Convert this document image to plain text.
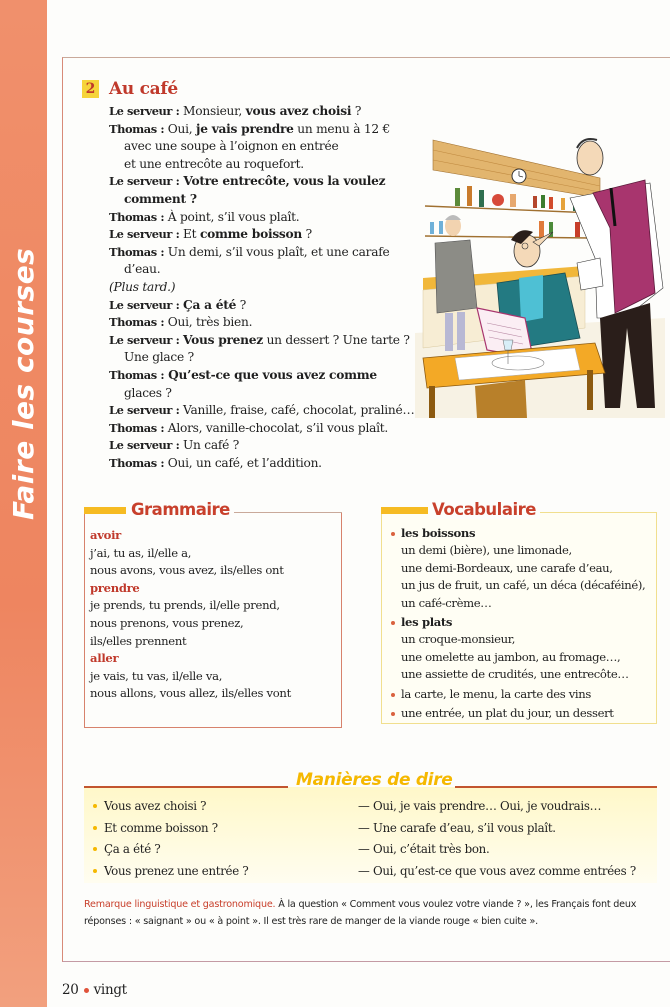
Faire les courses
2 Au café
Le serveur : Monsieur, vous avez choisi ?
Thomas : Oui, je vais prendre un menu à 12 €
avec une soupe à l’oignon en entrée
et une entrecôte au roquefort.
Le serveur : Votre entrecôte, vous la voulez
comment ?
Thomas : À point, s’il vous plaît.
Le serveur : Et comme boisson ?
Thomas : Un demi, s’il vous plaît, et une carafe
d’eau.
(Plus tard.)
Le serveur : Ça a été ?
Thomas : Oui, très bien.
Le serveur : Vous prenez un dessert ? Une tarte ?
Une glace ?
Thomas : Qu’est-ce que vous avez comme
glaces ?
Le serveur : Vanille, fraise, café, chocolat, praliné…
Thomas : Alors, vanille-chocolat, s’il vous plaît.
Le serveur : Un café ?
Thomas : Oui, un café, et l’addition.
Grammaire
avoir
j’ai, tu as, il/elle a,
nous avons, vous avez, ils/elles ont
prendre
je prends, tu prends, il/elle prend,
nous prenons, vous prenez,
ils/elles prennent
aller
je vais, tu vas, il/elle va,
nous allons, vous allez, ils/elles vont
Vocabulaire
les boissons
un demi (bière), une limonade,
une demi-Bordeaux, une carafe d’eau,
un jus de fruit, un café, un déca (décaféiné),
un café-crème…
les plats
un croque-monsieur,
une omelette au jambon, au fromage…,
une assiette de crudités, une entrecôte…
la carte, le menu, la carte des vins
une entrée, un plat du jour, un dessert
Manières de dire
Vous avez choisi ?
Et comme boisson ?
Ça a été ?
Vous prenez une entrée ?
— Oui, je vais prendre… Oui, je voudrais…
— Une carafe d’eau, s’il vous plaît.
— Oui, c’était très bon.
— Oui, qu’est-ce que vous avez comme entrées ?
Remarque linguistique et gastronomique. À la question « Comment vous voulez votre viande ? », les Français font deux réponses : « saignant » ou « à point ». Il est très rare de manger de la viande rouge « bien cuite ».
20 vingt
